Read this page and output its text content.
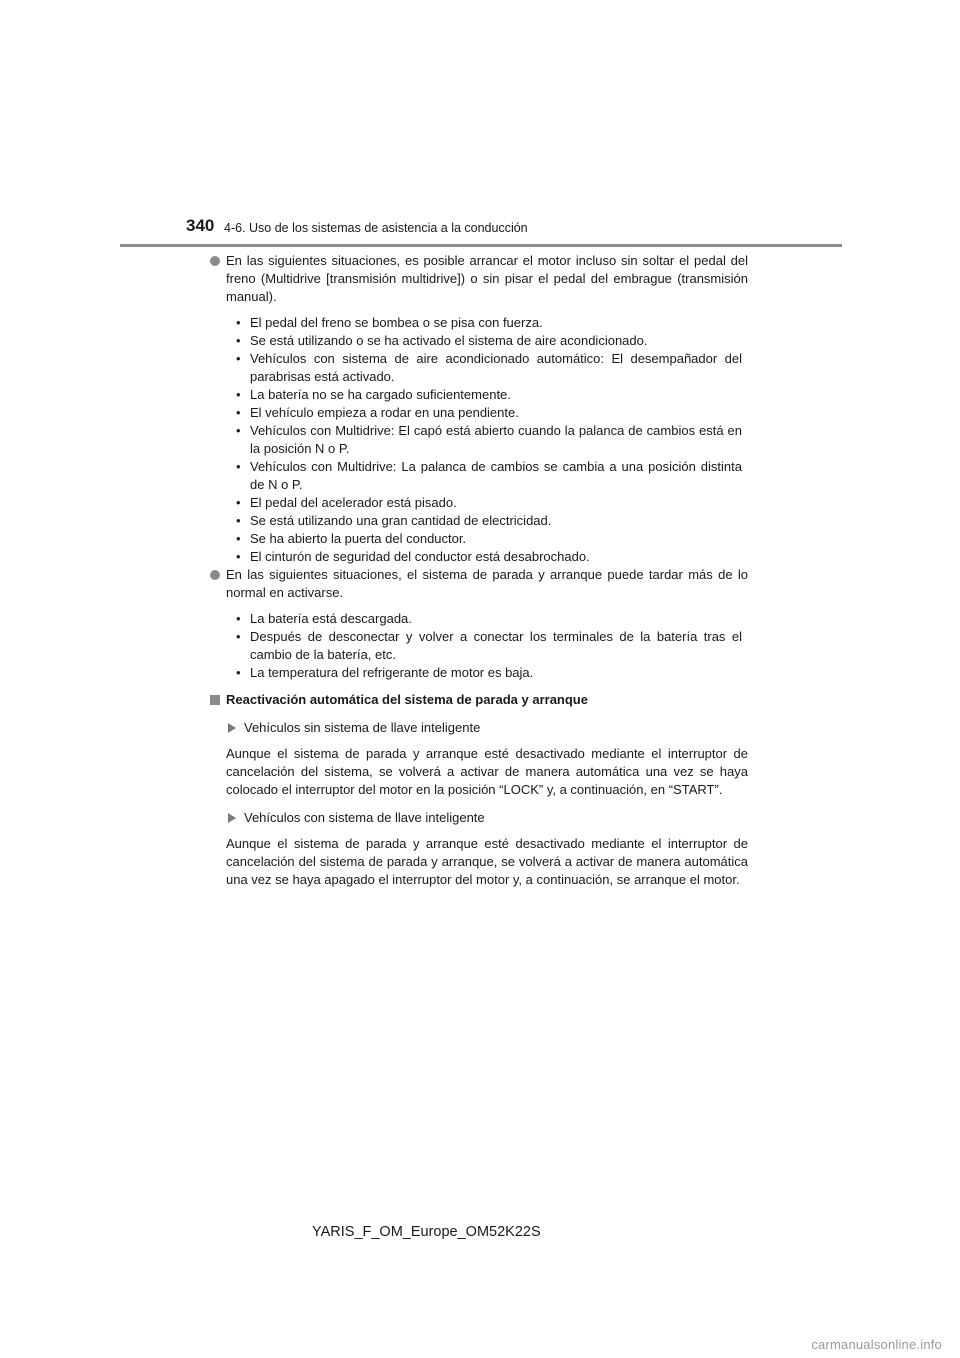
340 4-6. Uso de los sistemas de asistencia a la conducción
En las siguientes situaciones, es posible arrancar el motor incluso sin soltar el pedal del freno (Multidrive [transmisión multidrive]) o sin pisar el pedal del embrague (transmisión manual).
• El pedal del freno se bombea o se pisa con fuerza.
• Se está utilizando o se ha activado el sistema de aire acondicionado.
• Vehículos con sistema de aire acondicionado automático: El desempañador del parabrisas está activado.
• La batería no se ha cargado suficientemente.
• El vehículo empieza a rodar en una pendiente.
• Vehículos con Multidrive: El capó está abierto cuando la palanca de cambios está en la posición N o P.
• Vehículos con Multidrive: La palanca de cambios se cambia a una posición distinta de N o P.
• El pedal del acelerador está pisado.
• Se está utilizando una gran cantidad de electricidad.
• Se ha abierto la puerta del conductor.
• El cinturón de seguridad del conductor está desabrochado.
En las siguientes situaciones, el sistema de parada y arranque puede tardar más de lo normal en activarse.
• La batería está descargada.
• Después de desconectar y volver a conectar los terminales de la batería tras el cambio de la batería, etc.
• La temperatura del refrigerante de motor es baja.
Reactivación automática del sistema de parada y arranque
Vehículos sin sistema de llave inteligente
Aunque el sistema de parada y arranque esté desactivado mediante el interruptor de cancelación del sistema, se volverá a activar de manera automática una vez se haya colocado el interruptor del motor en la posición “LOCK” y, a continuación, en “START”.
Vehículos con sistema de llave inteligente
Aunque el sistema de parada y arranque esté desactivado mediante el interruptor de cancelación del sistema de parada y arranque, se volverá a activar de manera automática una vez se haya apagado el interruptor del motor y, a continuación, se arranque el motor.
YARIS_F_OM_Europe_OM52K22S
carmanualsonline.info
